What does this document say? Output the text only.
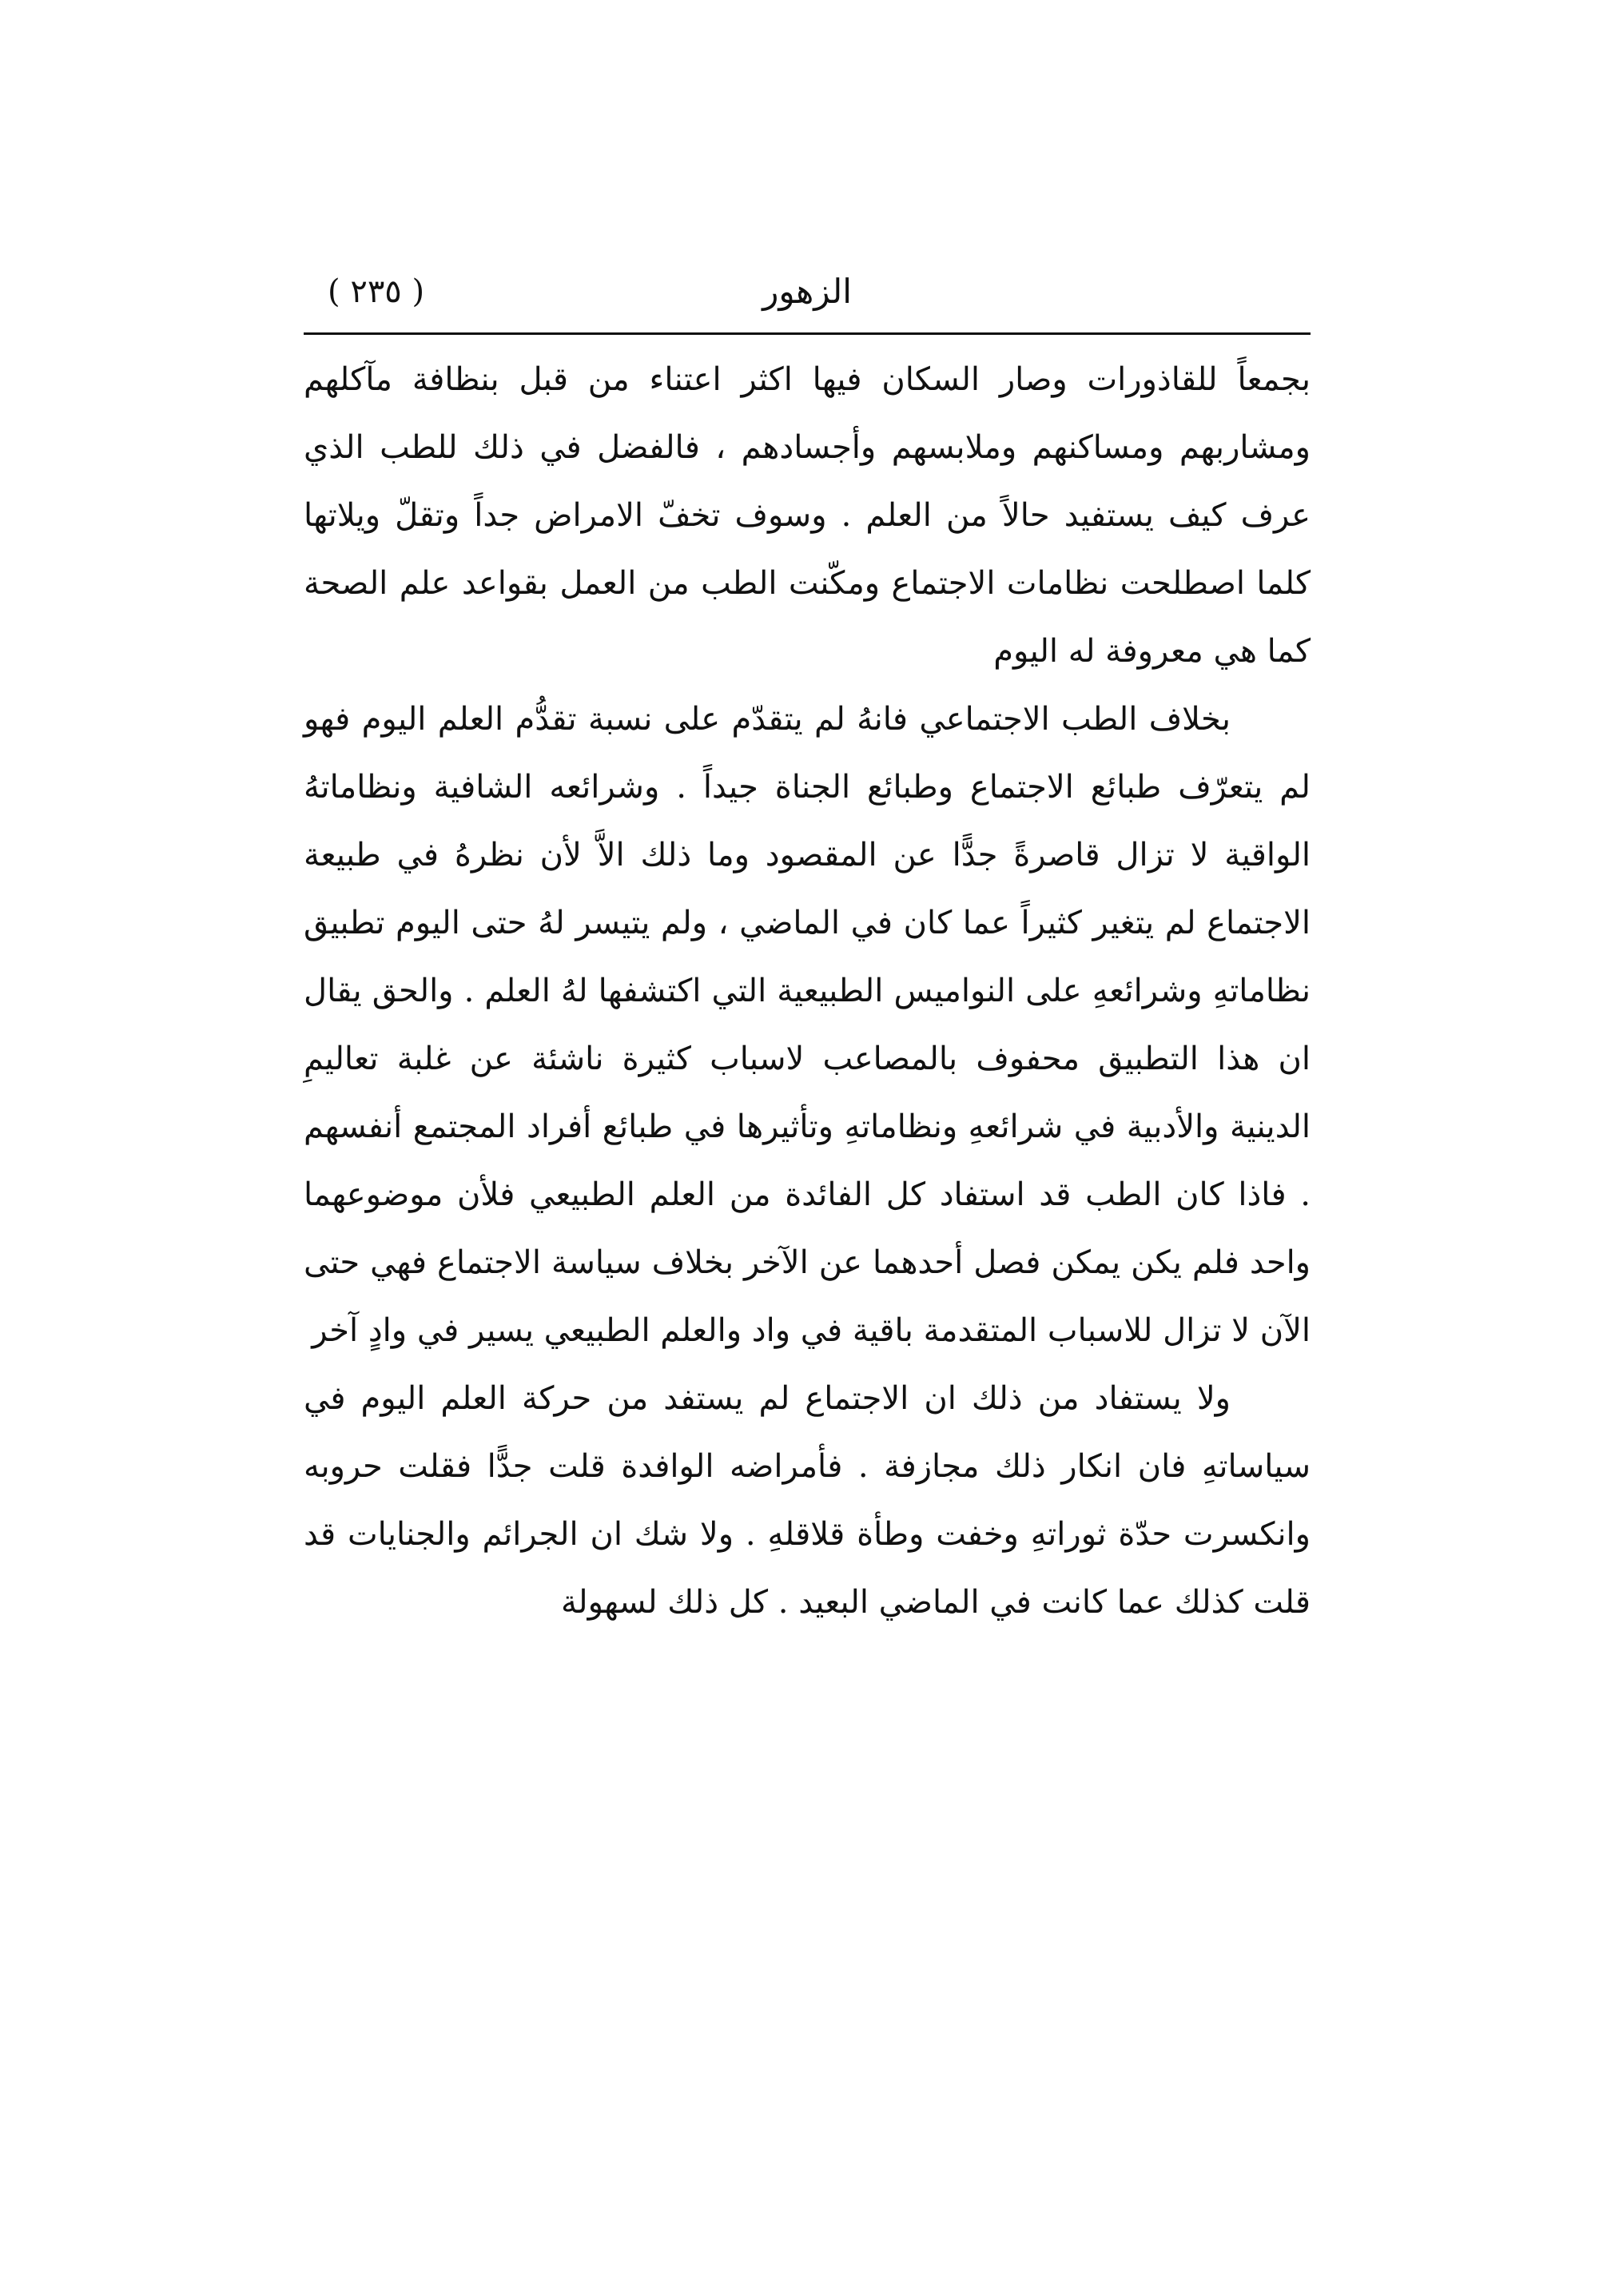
الزهور
( ٢٣٥ )

بجمعاً للقاذورات وصار السكان فيها اكثر اعتناء من قبل بنظافة مآكلهم ومشاربهم ومساكنهم وملابسهم وأجسادهم ، فالفضل في ذلك للطب الذي عرف كيف يستفيد حالاً من العلم . وسوف تخفّ الامراض جداً وتقلّ ويلاتها كلما اصطلحت نظامات الاجتماع ومكّنت الطب من العمل بقواعد علم الصحة كما هي معروفة له اليوم

بخلاف الطب الاجتماعي فانهُ لم يتقدّم على نسبة تقدُّم العلم اليوم فهو لم يتعرّف طبائع الاجتماع وطبائع الجناة جيداً . وشرائعه الشافية ونظاماتهُ الواقية لا تزال قاصرةً جدًّا عن المقصود وما ذلك الاَّ لأن نظرهُ في طبيعة الاجتماع لم يتغير كثيراً عما كان في الماضي ، ولم يتيسر لهُ حتى اليوم تطبيق نظاماتهِ وشرائعهِ على النواميس الطبيعية التي اكتشفها لهُ العلم . والحق يقال ان هذا التطبيق محفوف بالمصاعب لاسباب كثيرة ناشئة عن غلبة تعاليمِ الدينية والأدبية في شرائعهِ ونظاماتهِ وتأثيرها في طبائع أفراد المجتمع أنفسهم . فاذا كان الطب قد استفاد كل الفائدة من العلم الطبيعي فلأن موضوعهما واحد فلم يكن يمكن فصل أحدهما عن الآخر بخلاف سياسة الاجتماع فهي حتى الآن لا تزال للاسباب المتقدمة باقية في واد والعلم الطبيعي يسير في وادٍ آخر

ولا يستفاد من ذلك ان الاجتماع لم يستفد من حركة العلم اليوم في سياساتهِ فان انكار ذلك مجازفة . فأمراضه الوافدة قلت جدًّا فقلت حروبه وانكسرت حدّة ثوراتهِ وخفت وطأة قلاقلهِ . ولا شك ان الجرائم والجنايات قد قلت كذلك عما كانت في الماضي البعيد . كل ذلك لسهولة
